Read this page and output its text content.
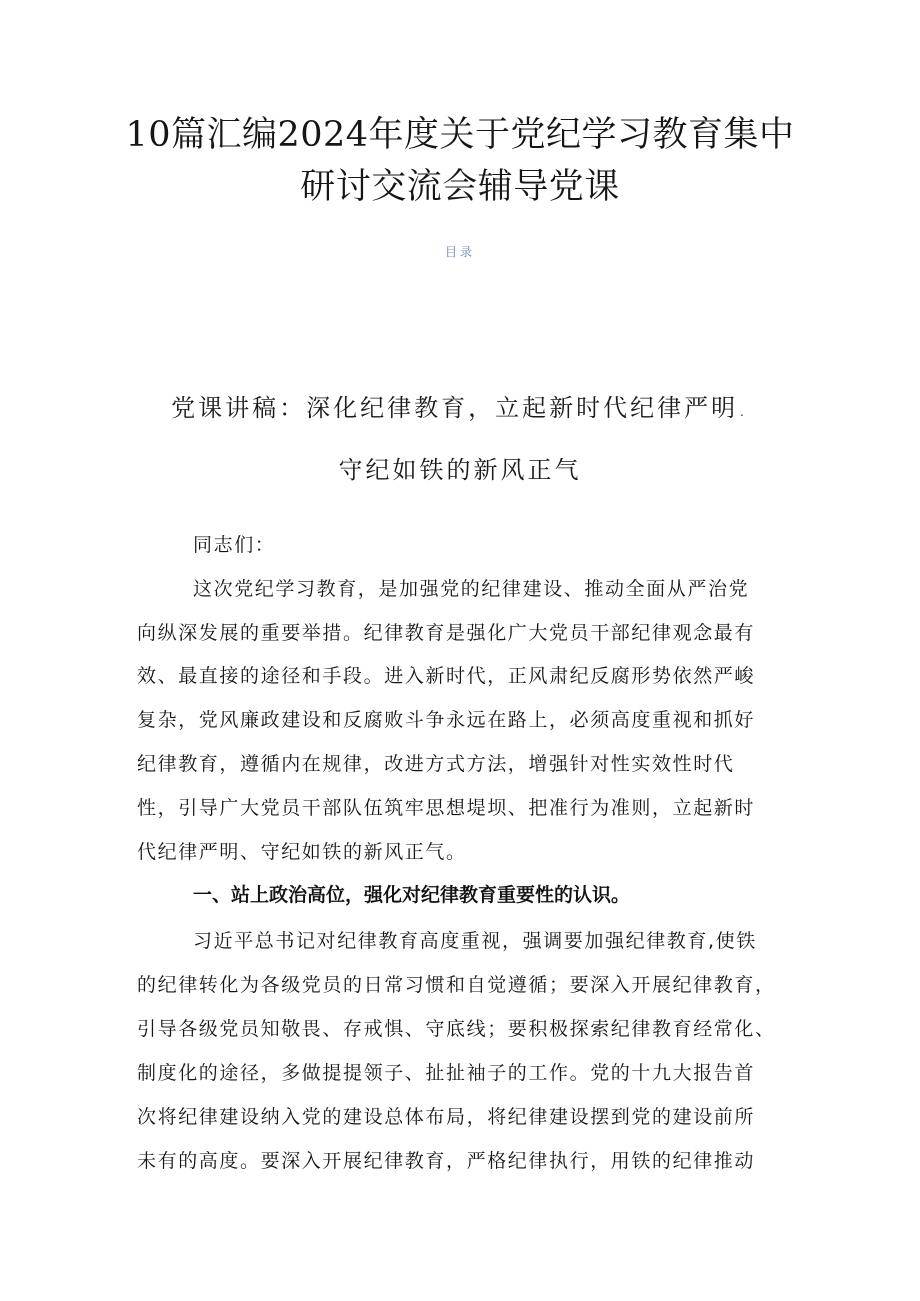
10篇汇编2024年度关于党纪学习教育集中
研讨交流会辅导党课
目录
党课讲稿：深化纪律教育，立起新时代纪律严明.
守纪如铁的新风正气
同志们：
这次党纪学习教育，是加强党的纪律建设、推动全面从严治党
向纵深发展的重要举措。纪律教育是强化广大党员干部纪律观念最有
效、最直接的途径和手段。进入新时代，正风肃纪反腐形势依然严峻
复杂，党风廉政建设和反腐败斗争永远在路上，必须高度重视和抓好
纪律教育，遵循内在规律，改进方式方法，增强针对性实效性时代
性，引导广大党员干部队伍筑牢思想堤坝、把准行为准则，立起新时
代纪律严明、守纪如铁的新风正气。
一、站上政治高位，强化对纪律教育重要性的认识。
习近平总书记对纪律教育高度重视，强调要加强纪律教育,使铁
的纪律转化为各级党员的日常习惯和自觉遵循；要深入开展纪律教育，
引导各级党员知敬畏、存戒惧、守底线；要积极探索纪律教育经常化、
制度化的途径，多做提提领子、扯扯袖子的工作。党的十九大报告首
次将纪律建设纳入党的建设总体布局，将纪律建设摆到党的建设前所
未有的高度。要深入开展纪律教育，严格纪律执行，用铁的纪律推动
